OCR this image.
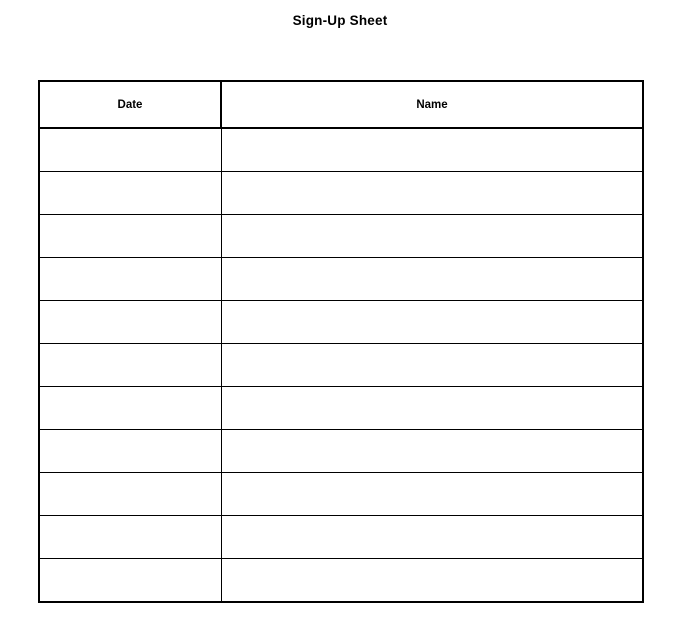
Sign-Up Sheet
Date	Name
